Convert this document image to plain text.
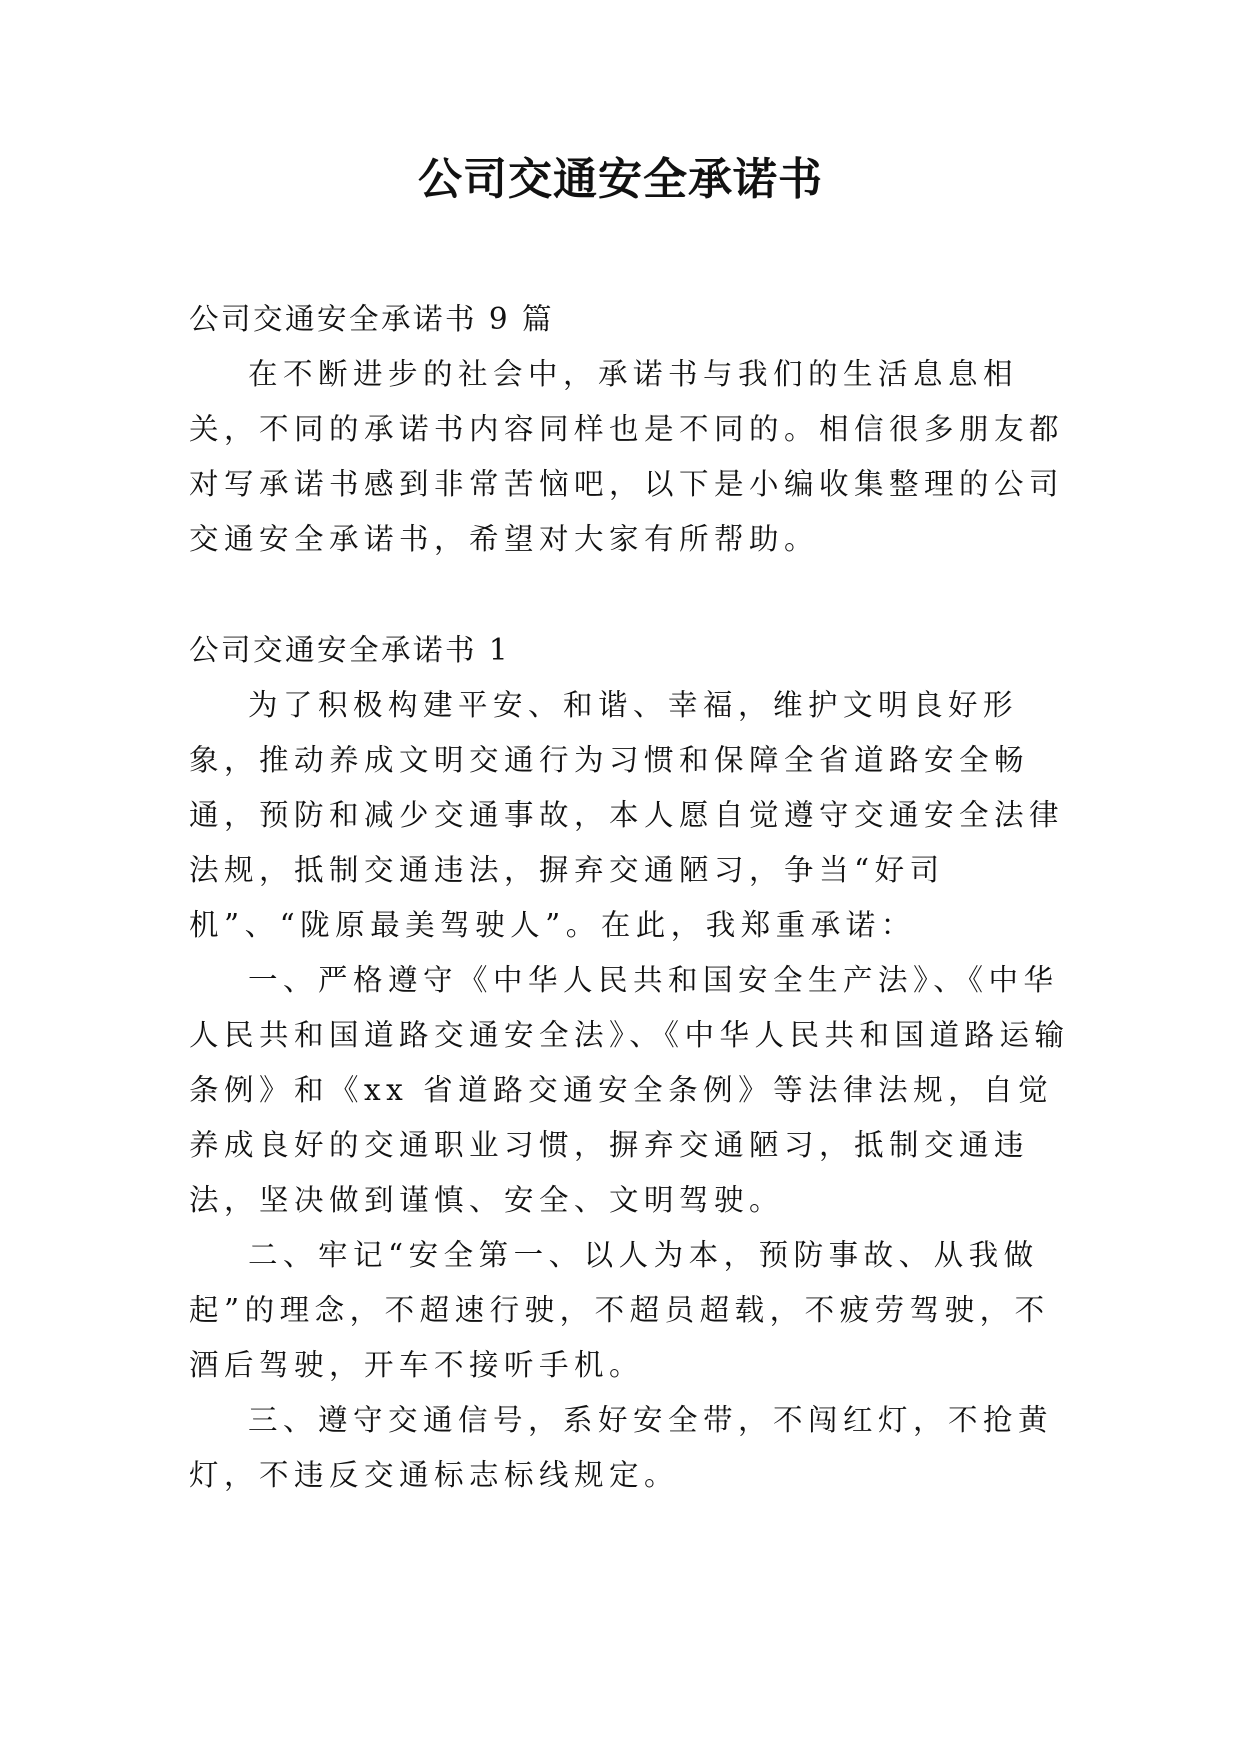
公司交通安全承诺书

公司交通安全承诺书 9 篇

在不断进步的社会中，承诺书与我们的生活息息相关，不同的承诺书内容同样也是不同的。相信很多朋友都对写承诺书感到非常苦恼吧，以下是小编收集整理的公司交通安全承诺书，希望对大家有所帮助。

公司交通安全承诺书 1

为了积极构建平安、和谐、幸福，维护文明良好形象，推动养成文明交通行为习惯和保障全省道路安全畅通，预防和减少交通事故，本人愿自觉遵守交通安全法律法规，抵制交通违法，摒弃交通陋习，争当“好司机”、“陇原最美驾驶人”。在此，我郑重承诺：

一、严格遵守《中华人民共和国安全生产法》、《中华人民共和国道路交通安全法》、《中华人民共和国道路运输条例》和《xx 省道路交通安全条例》等法律法规，自觉养成良好的交通职业习惯，摒弃交通陋习，抵制交通违法，坚决做到谨慎、安全、文明驾驶。

二、牢记“安全第一、以人为本，预防事故、从我做起”的理念，不超速行驶，不超员超载，不疲劳驾驶，不酒后驾驶，开车不接听手机。

三、遵守交通信号，系好安全带，不闯红灯，不抢黄灯，不违反交通标志标线规定。
